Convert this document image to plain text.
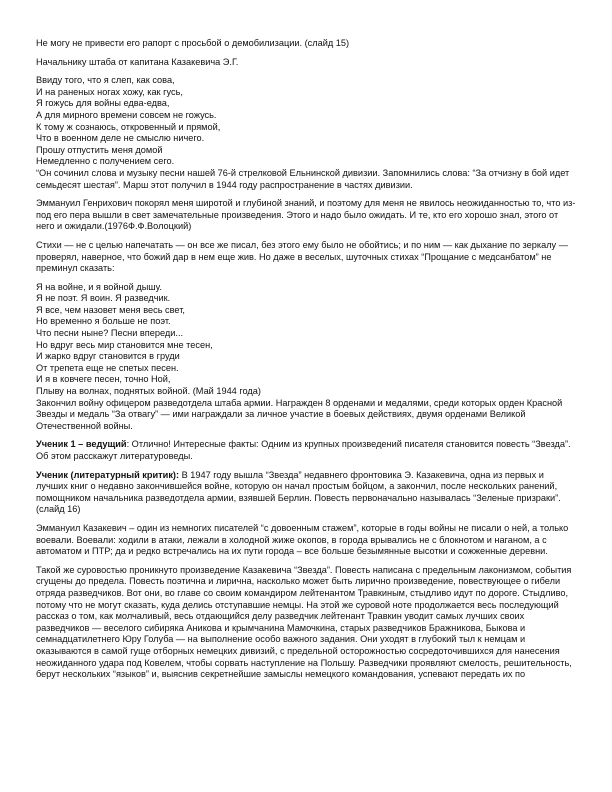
Не могу не привести его рапорт с просьбой о демобилизации. (слайд 15)

Начальнику штаба от капитана Казакевича Э.Г.

Ввиду того, что я слеп, как сова,
И на раненых ногах хожу, как гусь,
Я гожусь для войны едва-едва,
А для мирного времени совсем не гожусь.
К тому ж сознаюсь, откровенный и прямой,
Что в военном деле не смыслю ничего.
Прошу отпустить меня домой
Немедленно с получением сего.

“Он сочинил слова и музыку песни нашей 76-й стрелковой Ельнинской дивизии. Запомнились слова: “За отчизну в бой идет семьдесят шестая”. Марш этот получил в 1944 году распространение в частях дивизии.

Эммануил Генрихович покорял меня широтой и глубиной знаний, и поэтому для меня не явилось неожиданностью то, что из-под его пера вышли в свет замечательные произведения. Этого и надо было ожидать. И те, кто его хорошо знал, этого от него и ожидали.(1976Ф.Ф.Волоцкий)

Стихи — не с целью напечатать — он все же писал, без этого ему было не обойтись; и по ним — как дыхание по зеркалу — проверял, наверное, что божий дар в нем еще жив. Но даже в веселых, шуточных стихах “Прощание с медсанбатом” не преминул сказать:

Я на войне, и я войной дышу.
Я не поэт. Я воин. Я разведчик.
Я все, чем назовет меня весь свет,
Но временно я больше не поэт.
Что песни ныне? Песни впереди...
Но вдруг весь мир становится мне тесен,
И жарко вдруг становится в груди
От трепета еще не спетых песен.
И я в ковчеге песен, точно Ной,
Плыву на волнах, поднятых войной. (Май 1944 года)

Закончил войну офицером разведотдела штаба армии. Награжден 8 орденами и медалями, среди которых орден Красной Звезды и медаль “За отвагу” — ими награждали за личное участие в боевых действиях, двумя орденами Великой Отечественной войны.

Ученик 1 – ведущий: Отлично! Интересные факты: Одним из крупных произведений писателя становится повесть “Звезда”. Об этом расскажут литературоведы.

Ученик (литературный критик): В 1947 году вышла “Звезда” недавнего фронтовика Э. Казакевича, одна из первых и лучших книг о недавно закончившейся войне, которую он начал простым бойцом, а закончил, после нескольких ранений, помощником начальника разведотдела армии, взявшей Берлин. Повесть первоначально называлась “Зеленые призраки”. (слайд 16)

Эммануил Казакевич – один из немногих писателей “с довоенным стажем”, которые в годы войны не писали о ней, а только воевали. Воевали: ходили в атаки, лежали в холодной жиже окопов, в города врывались не с блокнотом и наганом, а с автоматом и ПТР; да и редко встречались на их пути города – все больше безымянные высотки и сожженные деревни.

Такой же суровостью проникнуто произведение Казакевича “Звезда”. Повесть написана с предельным лаконизмом, события сгущены до предела. Повесть поэтична и лирична, насколько может быть лирично произведение, повествующее о гибели отряда разведчиков. Вот они, во главе со своим командиром лейтенантом Травкиным, стыдливо идут по дороге. Стыдливо, потому что не могут сказать, куда делись отступавшие немцы. На этой же суровой ноте продолжается весь последующий рассказ о том, как молчаливый, весь отдающийся делу разведчик лейтенант Травкин уводит самых лучших своих разведчиков — веселого сибиряка Аникова и крымчанина Мамочкина, старых разведчиков Бражникова, Быкова и семнадцатилетнего Юру Голуба — на выполнение особо важного задания. Они уходят в глубокий тыл к немцам и оказываются в самой гуще отборных немецких дивизий, с предельной осторожностью сосредоточившихся для нанесения неожиданного удара под Ковелем, чтобы сорвать наступление на Польшу. Разведчики проявляют смелость, решительность, берут нескольких “языков” и, выяснив секретнейшие замыслы немецкого командования, успевают передать их по
